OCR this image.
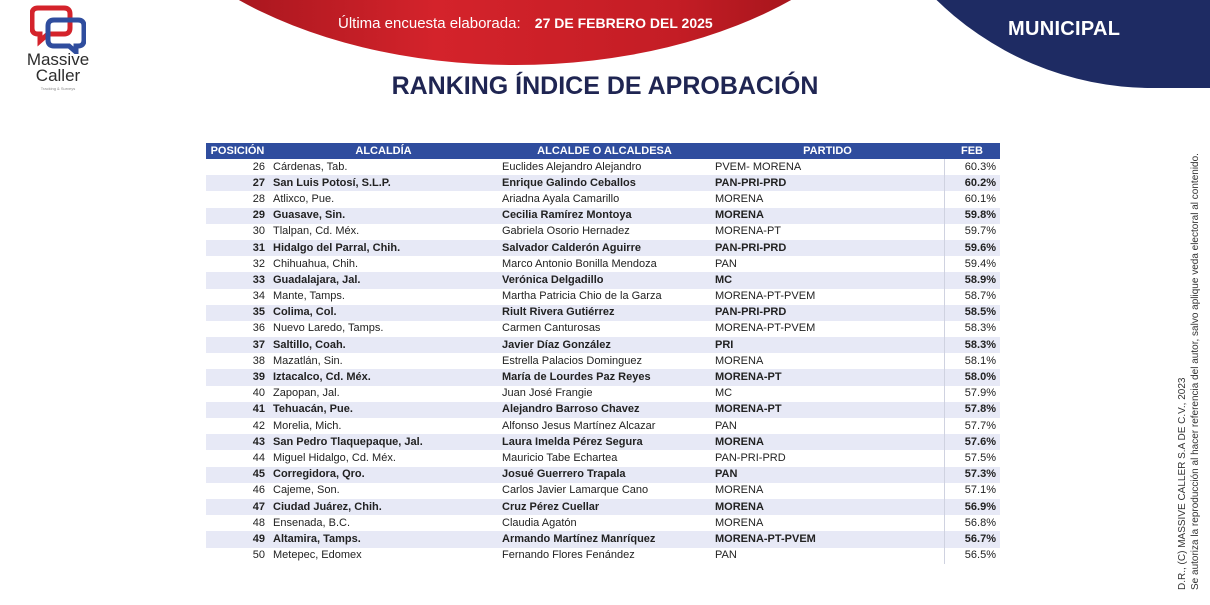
Massive
Caller
Tracking & Surveys
Última encuesta elaborada: 27 DE FEBRERO DEL 2025	MUNICIPAL
RANKING ÍNDICE DE APROBACIÓN
POSICIÓN	ALCALDÍA	ALCALDE O ALCALDESA	PARTIDO	FEB
26	Cárdenas, Tab.	Euclides Alejandro Alejandro	PVEM- MORENA	60.3%
27	San Luis Potosí, S.L.P.	Enrique Galindo Ceballos	PAN-PRI-PRD	60.2%
28	Atlixco, Pue.	Ariadna Ayala Camarillo	MORENA	60.1%
29	Guasave, Sin.	Cecilia Ramírez Montoya	MORENA	59.8%
30	Tlalpan, Cd. Méx.	Gabriela Osorio Hernadez	MORENA-PT	59.7%
31	Hidalgo del Parral, Chih.	Salvador Calderón Aguirre	PAN-PRI-PRD	59.6%
32	Chihuahua, Chih.	Marco Antonio Bonilla Mendoza	PAN	59.4%
33	Guadalajara, Jal.	Verónica Delgadillo	MC	58.9%
34	Mante, Tamps.	Martha Patricia Chio de la Garza	MORENA-PT-PVEM	58.7%
35	Colima, Col.	Riult Rivera Gutiérrez	PAN-PRI-PRD	58.5%
36	Nuevo Laredo, Tamps.	Carmen Canturosas	MORENA-PT-PVEM	58.3%
37	Saltillo, Coah.	Javier Díaz González	PRI	58.3%
38	Mazatlán, Sin.	Estrella Palacios Dominguez	MORENA	58.1%
39	Iztacalco, Cd. Méx.	María de Lourdes Paz Reyes	MORENA-PT	58.0%
40	Zapopan, Jal.	Juan José Frangie	MC	57.9%
41	Tehuacán, Pue.	Alejandro Barroso Chavez	MORENA-PT	57.8%
42	Morelia, Mich.	Alfonso Jesus Martínez Alcazar	PAN	57.7%
43	San Pedro Tlaquepaque, Jal.	Laura Imelda Pérez Segura	MORENA	57.6%
44	Miguel Hidalgo, Cd. Méx.	Mauricio Tabe Echartea	PAN-PRI-PRD	57.5%
45	Corregidora, Qro.	Josué Guerrero Trapala	PAN	57.3%
46	Cajeme, Son.	Carlos Javier Lamarque Cano	MORENA	57.1%
47	Ciudad Juárez, Chih.	Cruz Pérez Cuellar	MORENA	56.9%
48	Ensenada, B.C.	Claudia Agatón	MORENA	56.8%
49	Altamira, Tamps.	Armando Martínez Manríquez	MORENA-PT-PVEM	56.7%
50	Metepec, Edomex	Fernando Flores Fenández	PAN	56.5%	D.R., (C) MASSIVE CALLER S.A DE C.V., 2023 Se autoriza la reproducción al hacer referencia del autor, salvo aplique veda electoral al contenido.
